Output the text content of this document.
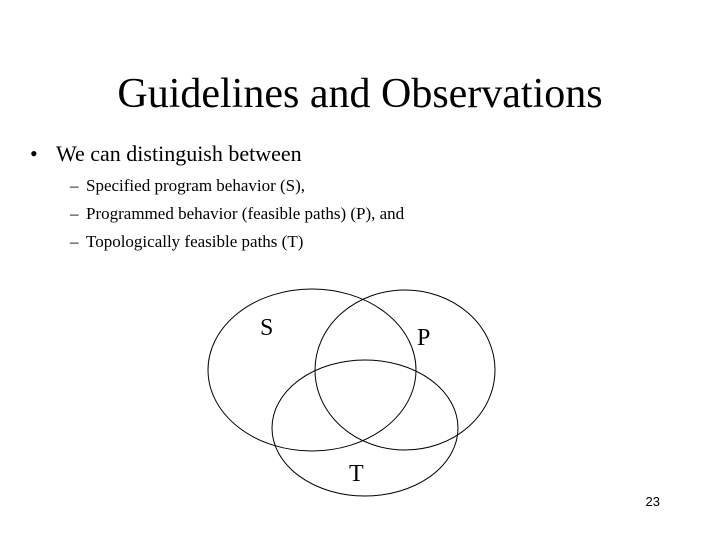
Guidelines and Observations
• We can distinguish between
– Specified program behavior (S),
– Programmed behavior (feasible paths) (P), and
– Topologically feasible paths (T)
S	P
T
23
